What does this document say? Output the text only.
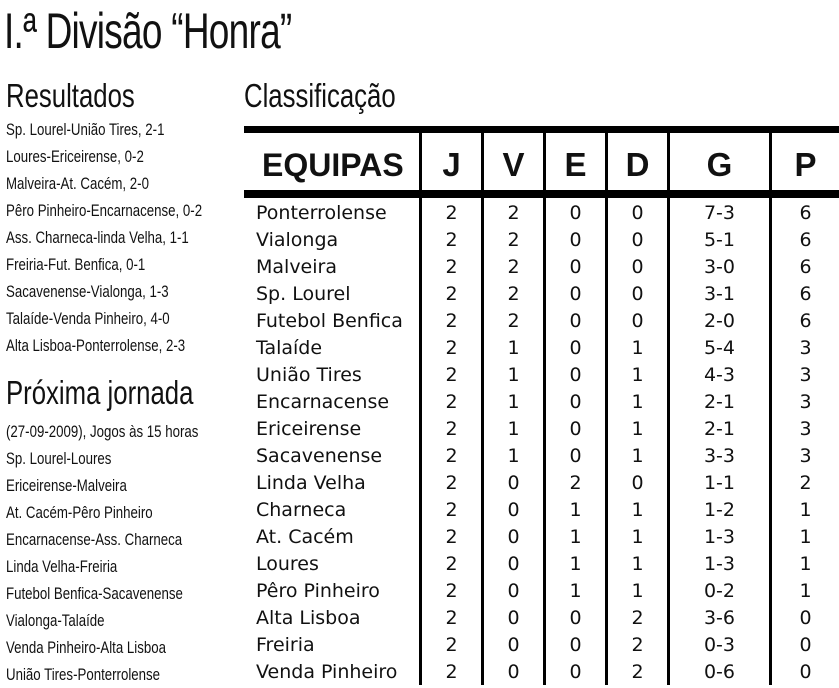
I.ª Divisão “Honra”
Resultados
Sp. Lourel-União Tires, 2-1
Loures-Ericeirense, 0-2
Malveira-At. Cacém, 2-0
Pêro Pinheiro-Encarnacense, 0-2
Ass. Charneca-linda Velha, 1-1
Freiria-Fut. Benfica, 0-1
Sacavenense-Vialonga, 1-3
Talaíde-Venda Pinheiro, 4-0
Alta Lisboa-Ponterrolense, 2-3
Próxima jornada
(27-09-2009), Jogos às 15 horas
Sp. Lourel-Loures
Ericeirense-Malveira
At. Cacém-Pêro Pinheiro
Encarnacense-Ass. Charneca
Linda Velha-Freiria
Futebol Benfica-Sacavenense
Vialonga-Talaíde
Venda Pinheiro-Alta Lisboa
União Tires-Ponterrolense
Classificação
EQUIPAS	J	V	E	D	G	P
Ponterrolense	2	2	0	0	7-3	6
Vialonga	2	2	0	0	5-1	6
Malveira	2	2	0	0	3-0	6
Sp. Lourel	2	2	0	0	3-1	6
Futebol Benfica	2	2	0	0	2-0	6
Talaíde	2	1	0	1	5-4	3
União Tires	2	1	0	1	4-3	3
Encarnacense	2	1	0	1	2-1	3
Ericeirense	2	1	0	1	2-1	3
Sacavenense	2	1	0	1	3-3	3
Linda Velha	2	0	2	0	1-1	2
Charneca	2	0	1	1	1-2	1
At. Cacém	2	0	1	1	1-3	1
Loures	2	0	1	1	1-3	1
Pêro Pinheiro	2	0	1	1	0-2	1
Alta Lisboa	2	0	0	2	3-6	0
Freiria	2	0	0	2	0-3	0
Venda Pinheiro	2	0	0	2	0-6	0
